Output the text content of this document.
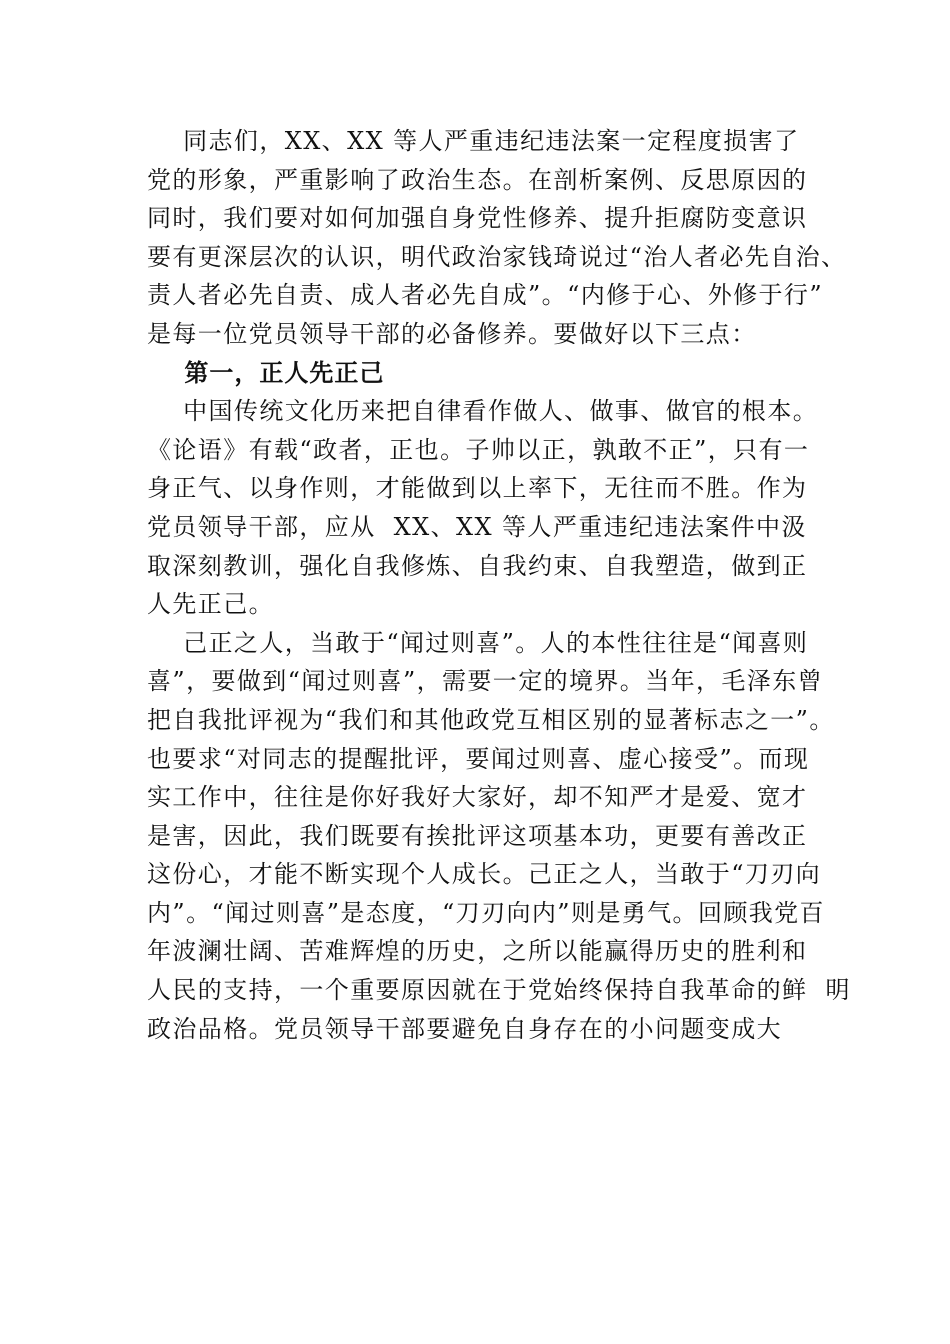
同志们，XX、XX 等人严重违纪违法案一定程度损害了
党的形象，严重影响了政治生态。在剖析案例、反思原因的
同时，我们要对如何加强自身党性修养、提升拒腐防变意识
要有更深层次的认识，明代政治家钱琦说过“治人者必先自治、
责人者必先自责、成人者必先自成”。“内修于心、外修于行”
是每一位党员领导干部的必备修养。要做好以下三点：
第一，正人先正己
中国传统文化历来把自律看作做人、做事、做官的根本。
《论语》有载“政者，正也。子帅以正，孰敢不正”，只有一
身正气、以身作则，才能做到以上率下，无往而不胜。作为
党员领导干部，应从  XX、XX 等人严重违纪违法案件中汲
取深刻教训，强化自我修炼、自我约束、自我塑造，做到正
人先正己。
己正之人，当敢于“闻过则喜”。人的本性往往是“闻喜则
喜”，要做到“闻过则喜”，需要一定的境界。当年，毛泽东曾
把自我批评视为“我们和其他政党互相区别的显著标志之一”。
也要求“对同志的提醒批评，要闻过则喜、虚心接受”。而现
实工作中，往往是你好我好大家好，却不知严才是爱、宽才
是害，因此，我们既要有挨批评这项基本功，更要有善改正
这份心，才能不断实现个人成长。己正之人，当敢于“刀刃向
内”。“闻过则喜”是态度，“刀刃向内”则是勇气。回顾我党百
年波澜壮阔、苦难辉煌的历史，之所以能赢得历史的胜利和
人民的支持，一个重要原因就在于党始终保持自我革命的鲜  明
政治品格。党员领导干部要避免自身存在的小问题变成大
